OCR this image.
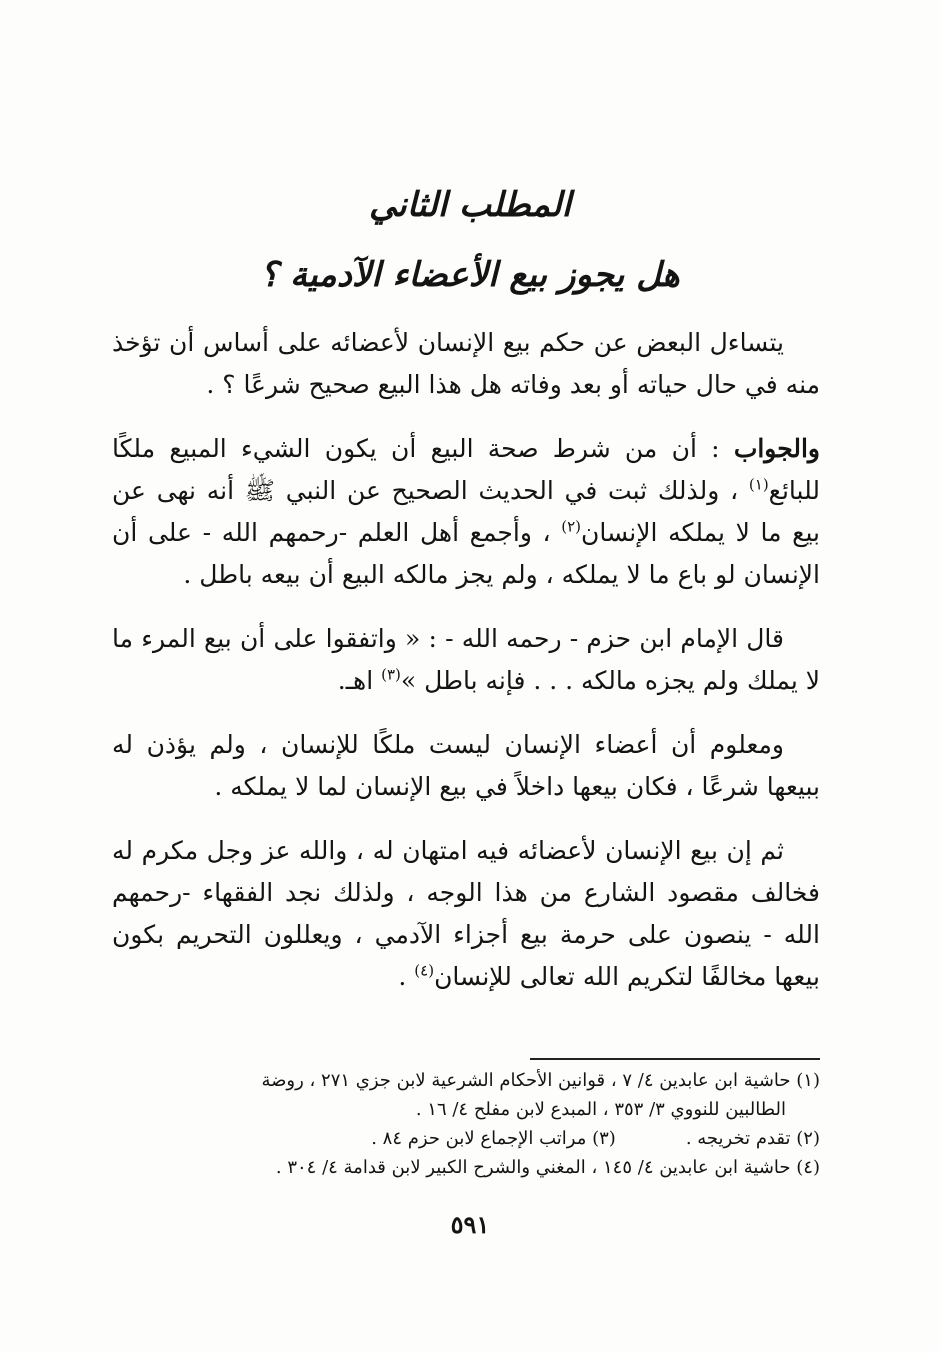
المطلب الثاني
هل يجوز بيع الأعضاء الآدمية ؟

يتساءل البعض عن حكم بيع الإنسان لأعضائه على أساس أن تؤخذ منه في حال حياته أو بعد وفاته هل هذا البيع صحيح شرعًا ؟ .

والجواب : أن من شرط صحة البيع أن يكون الشيء المبيع ملكًا للبائع$^{(١)}$ ، ولذلك ثبت في الحديث الصحيح عن النبي ﷺ أنه نهى عن بيع ما لا يملكه الإنسان$^{(٢)}$ ، وأجمع أهل العلم -رحمهم الله - على أن الإنسان لو باع ما لا يملكه ، ولم يجز مالكه البيع أن بيعه باطل .

قال الإمام ابن حزم - رحمه الله - : « واتفقوا على أن بيع المرء ما لا يملك ولم يجزه مالكه . . . فإنه باطل »$^{(٣)}$ اهـ.

ومعلوم أن أعضاء الإنسان ليست ملكًا للإنسان ، ولم يؤذن له ببيعها شرعًا ، فكان بيعها داخلاً في بيع الإنسان لما لا يملكه .

ثم إن بيع الإنسان لأعضائه فيه امتهان له ، والله عز وجل مكرم له فخالف مقصود الشارع من هذا الوجه ، ولذلك نجد الفقهاء -رحمهم الله - ينصون على حرمة بيع أجزاء الآدمي ، ويعللون التحريم بكون بيعها مخالفًا لتكريم الله تعالى للإنسان$^{(٤)}$ .

(١) حاشية ابن عابدين ٤/ ٧ ، قوانين الأحكام الشرعية لابن جزي ٢٧١ ، روضة
الطالبين للنووي ٣/ ٣٥٣ ، المبدع لابن مفلح ٤/ ١٦ .
(٢) تقدم تخريجه .(٣) مراتب الإجماع لابن حزم ٨٤ .
(٤) حاشية ابن عابدين ٤/ ١٤٥ ، المغني والشرح الكبير لابن قدامة ٤/ ٣٠٤ .
٥٩١
